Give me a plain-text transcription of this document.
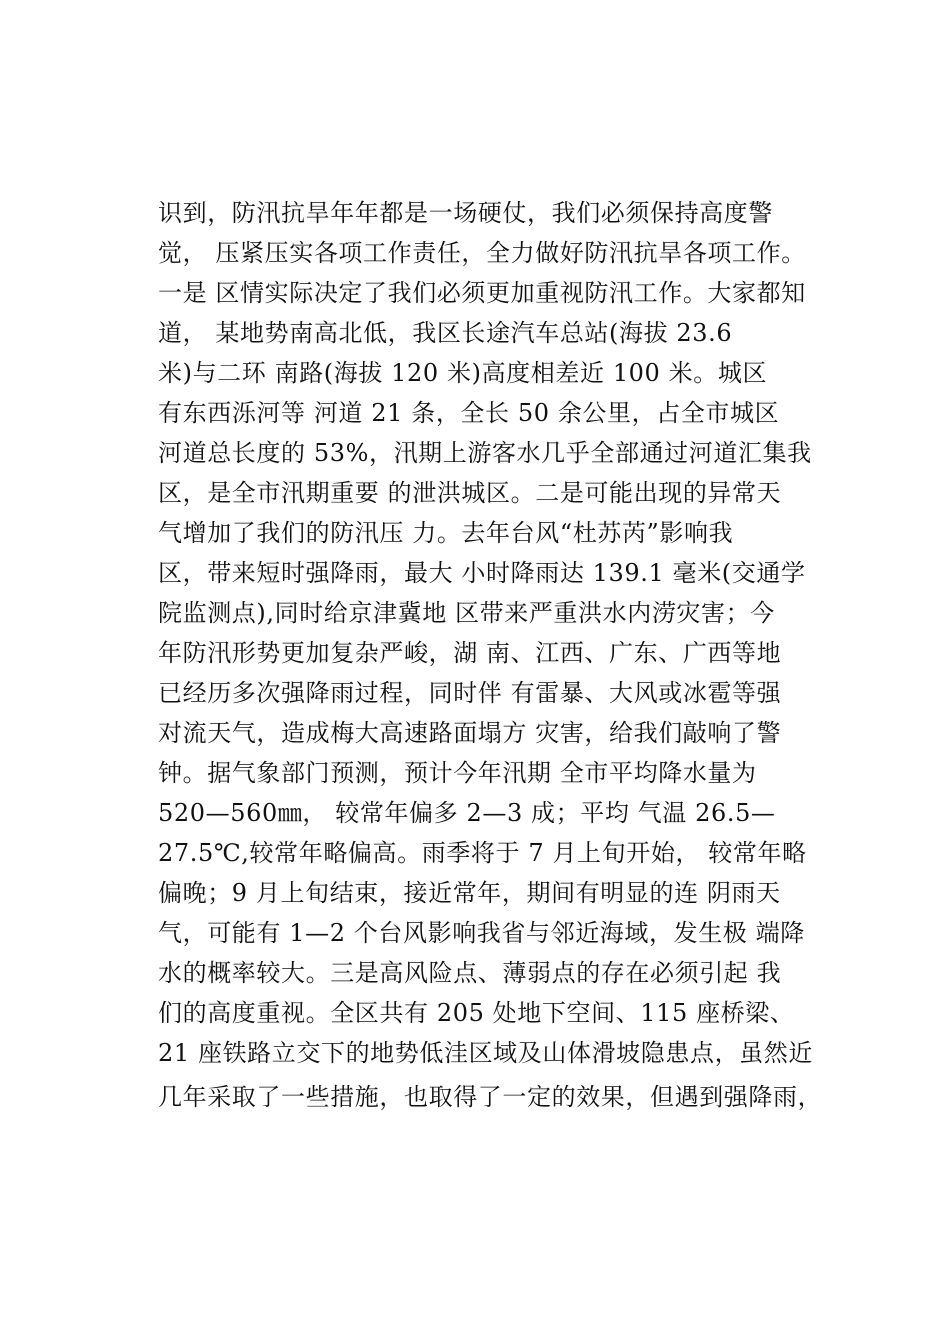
识到，防汛抗旱年年都是一场硬仗，我们必须保持高度警
觉， 压紧压实各项工作责任，全力做好防汛抗旱各项工作。
一是 区情实际决定了我们必须更加重视防汛工作。大家都知
道， 某地势南高北低，我区长途汽车总站(海拔 23.6
米)与二环 南路(海拔 120 米)高度相差近 100 米。城区
有东西泺河等 河道 21 条，全长 50 余公里，占全市城区
河道总长度的 53%，汛期上游客水几乎全部通过河道汇集我
区，是全市汛期重要 的泄洪城区。二是可能出现的异常天
气增加了我们的防汛压 力。去年台风“杜苏芮”影响我
区，带来短时强降雨，最大 小时降雨达 139.1 毫米(交通学
院监测点),同时给京津冀地 区带来严重洪水内涝灾害；今
年防汛形势更加复杂严峻，湖 南、江西、广东、广西等地
已经历多次强降雨过程，同时伴 有雷暴、大风或冰雹等强
对流天气，造成梅大高速路面塌方 灾害，给我们敲响了警
钟。据气象部门预测，预计今年汛期 全市平均降水量为
520—560㎜， 较常年偏多 2—3 成；平均 气温 26.5—
27.5℃,较常年略偏高。雨季将于 7 月上旬开始， 较常年略
偏晚；9 月上旬结束，接近常年，期间有明显的连 阴雨天
气，可能有 1—2 个台风影响我省与邻近海域，发生极 端降
水的概率较大。三是高风险点、薄弱点的存在必须引起 我
们的高度重视。全区共有 205 处地下空间、115 座桥梁、
21 座铁路立交下的地势低洼区域及山体滑坡隐患点，虽然近
几年采取了一些措施，也取得了一定的效果，但遇到强降雨，
